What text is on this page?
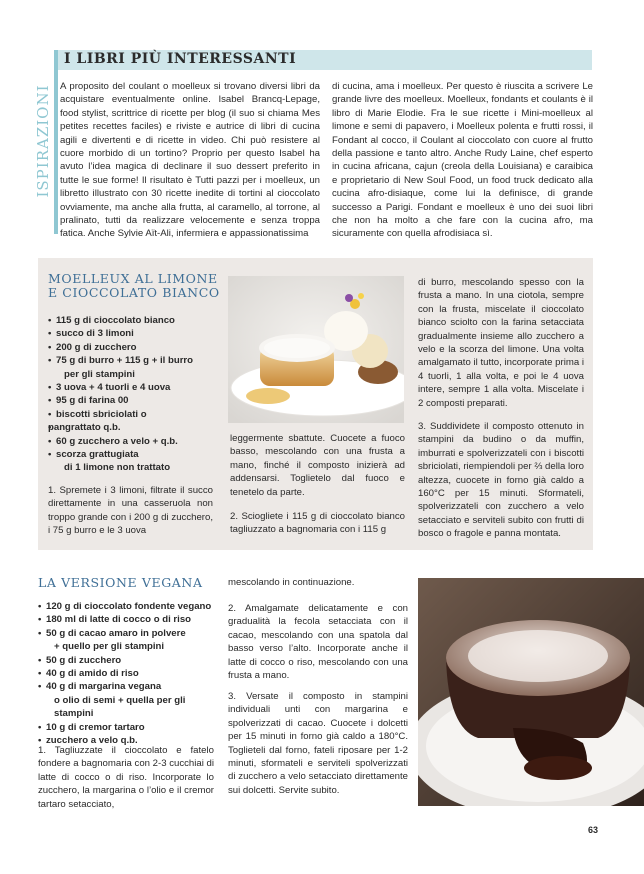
ISPIRAZIONI
I LIBRI PIÙ INTERESSANTI

A proposito del coulant o moelleux si trovano diversi libri da acquistare eventualmente online. Isabel Brancq-Lepage, food stylist, scrittrice di ricette per blog (il suo si chiama Mes petites recettes faciles) e riviste e autrice di libri di cucina agili e divertenti e di ricette in video. Chi può resistere al cuore morbido di un tortino? Proprio per questo Isabel ha avuto l’idea magica di declinare il suo dessert preferito in tutte le sue forme! Il risultato è Tutti pazzi per i moelleux, un libretto illustrato con 30 ricette inedite di tortini al cioccolato ovviamente, ma anche alla frutta, al caramello, al torrone, al pralinato, tutti da realizzare velocemente e senza troppa fatica. Anche Sylvie Aït-Ali, infermiera e appassionatissima

di cucina, ama i moelleux. Per questo è riuscita a scrivere Le grande livre des moelleux. Moelleux, fondants et coulants è il libro di Marie Elodie. Fra le sue ricette i Mini-moelleux al limone e semi di papavero, i Moelleux polenta e frutti rossi, il Fondant al cocco, il Coulant al cioccolato con cuore al frutto della passione e tanto altro. Anche Rudy Laine, chef esperto in cucina africana, cajun (creola della Louisiana) e caraibica e proprietario di New Soul Food, un food truck dedicato alla cucina afro-disiaque, come lui la definisce, di grande successo a Parigi. Fondant e moelleux è uno dei suoi libri che non ha molto a che fare con la cucina afro, ma sicuramente con quella afrodisiaca sì.

MOELLEUX AL LIMONE

E CIOCCOLATO BIANCO

• 115 g di cioccolato bianco
• succo di 3 limoni
• 200 g di zucchero
• 75 g di burro + 115 g + il burro
per gli stampini
• 3 uova + 4 tuorli e 4 uova
• 95 g di farina 00
• biscotti sbriciolati o
• pangrattato q.b.
• 60 g zucchero a velo + q.b.
• scorza grattugiata
di 1 limone non trattato

1. Spremete i 3 limoni, filtrate il succo direttamente in una casseruola non troppo grande con i 200 g di zucchero, i 75 g burro e le 3 uova

leggermente sbattute. Cuocete a fuoco basso, mescolando con una frusta a mano, finché il composto inizierà ad addensarsi. Toglietelo dal fuoco e tenetelo da parte.

2. Sciogliete i 115 g di cioccolato bianco tagliuzzato a bagnomaria con i 115 g

di burro, mescolando spesso con la frusta a mano. In una ciotola, sempre con la frusta, miscelate il cioccolato bianco sciolto con la farina setacciata gradualmente insieme allo zucchero a velo e la scorza del limone. Una volta amalgamato il tutto, incorporate prima i 4 tuorli, 1 alla volta, e poi le 4 uova intere, sempre 1 alla volta. Miscelate i 2 composti preparati.

3. Suddividete il composto ottenuto in stampini da budino o da muffin, imburrati e spolverizzateli con i biscotti sbriciolati, riempiendoli per ⅔ della loro altezza, cuocete in forno già caldo a 160°C per 15 minuti. Sformateli, spolverizzateli con zucchero a velo setacciato e serviteli subito con frutti di bosco o fragole e panna montata.

LA VERSIONE VEGANA

• 120 g di cioccolato fondente vegano
• 180 ml di latte di cocco o di riso
• 50 g di cacao amaro in polvere
+ quello per gli stampini
• 50 g di zucchero
• 40 g di amido di riso
• 40 g di margarina vegana
o olio di semi + quella per gli stampini
• 10 g di cremor tartaro
• zucchero a velo q.b.

1. Tagliuzzate il cioccolato e fatelo fondere a bagnomaria con 2-3 cucchiai di latte di cocco o di riso. Incorporate lo zucchero, la margarina o l’olio e il cremor tartaro setacciato,

mescolando in continuazione.

2. Amalgamate delicatamente e con gradualità la fecola setacciata con il cacao, mescolando con una spatola dal basso verso l’alto. Incorporate anche il latte di cocco o riso, mescolando con una frusta a mano.

3. Versate il composto in stampini individuali unti con margarina e spolverizzati di cacao. Cuocete i dolcetti per 15 minuti in forno già caldo a 180°C. Toglieteli dal forno, fateli riposare per 1-2 minuti, sformateli e serviteli spolverizzati di zucchero a velo setacciato direttamente sui dolcetti. Servite subito.

63
